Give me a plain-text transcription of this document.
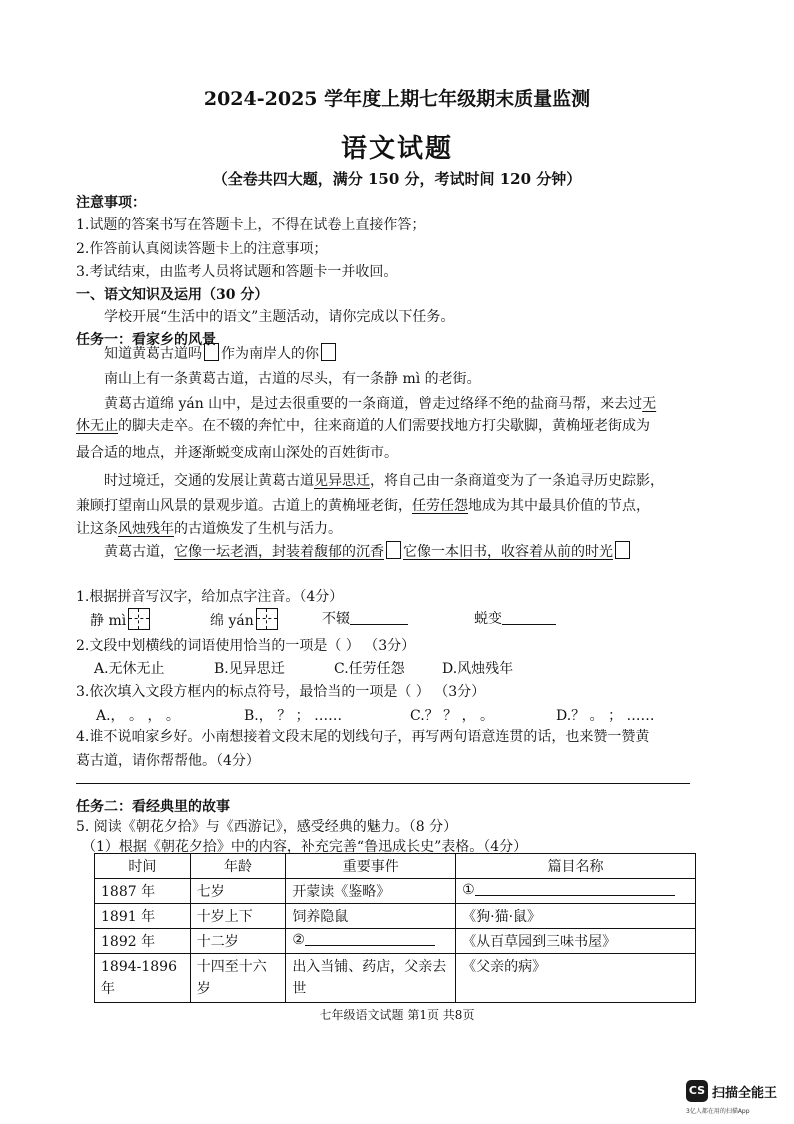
2024-2025 学年度上期七年级期末质量监测
语文试题
（全卷共四大题，满分 150 分，考试时间 120 分钟）
注意事项：
1.试题的答案书写在答题卡上，不得在试卷上直接作答；
2.作答前认真阅读答题卡上的注意事项；
3.考试结束，由监考人员将试题和答题卡一并收回。
一、语文知识及运用（30 分）
学校开展“生活中的语文”主题活动，请你完成以下任务。
任务一：看家乡的风景
知道黄葛古道吗 作为南岸人的你
南山上有一条黄葛古道，古道的尽头，有一条静 mì 的老街。
黄葛古道绵 yán 山中，是过去很重要的一条商道，曾走过络绎不绝的盐商马帮，来去过无
休无止的脚夫走卒。在不辍的奔忙中，往来商道的人们需要找地方打尖歇脚，黄桷垭老街成为
最合适的地点，并逐渐蜕变成南山深处的百姓街市。
时过境迁，交通的发展让黄葛古道见异思迁，将自己由一条商道变为了一条追寻历史踪影，
兼顾打望南山风景的景观步道。古道上的黄桷垭老街，任劳任怨地成为其中最具价值的节点，
让这条风烛残年的古道焕发了生机与活力。
黄葛古道，它像一坛老酒，封装着馥郁的沉香 它像一本旧书，收容着从前的时光
1.根据拼音写汉字，给加点字注音。（4分）
静 mì	绵 yán	不辍	蜕变
2.文段中划横线的词语使用恰当的一项是（ ） （3分）
A.无休无止	B.见异思迁	C.任劳任怨	D.风烛残年
3.依次填入文段方框内的标点符号，最恰当的一项是（ ） （3分）
A.， 。 ， 。	B.， ？ ； ……	C.？ ？ ， 。	D.？ 。 ； ……
4.谁不说咱家乡好。小南想接着文段末尾的划线句子，再写两句语意连贯的话，也来赞一赞黄
葛古道，请你帮帮他。（4分）
任务二：看经典里的故事
5. 阅读《朝花夕拾》与《西游记》，感受经典的魅力。（8 分）
（1）根据《朝花夕拾》中的内容，补充完善“鲁迅成长史”表格。（4分）
时间	年龄	重要事件	篇目名称
1887 年	七岁	开蒙读《鉴略》	①
1891 年	十岁上下	饲养隐鼠	《狗·猫·鼠》
1892 年	十二岁	②	《从百草园到三味书屋》
1894-1896 年	十四至十六岁	出入当铺、药店，父亲去世	《父亲的病》
七年级语文试题 第1页 共8页
CS 扫描全能王
3亿人都在用的扫描App
